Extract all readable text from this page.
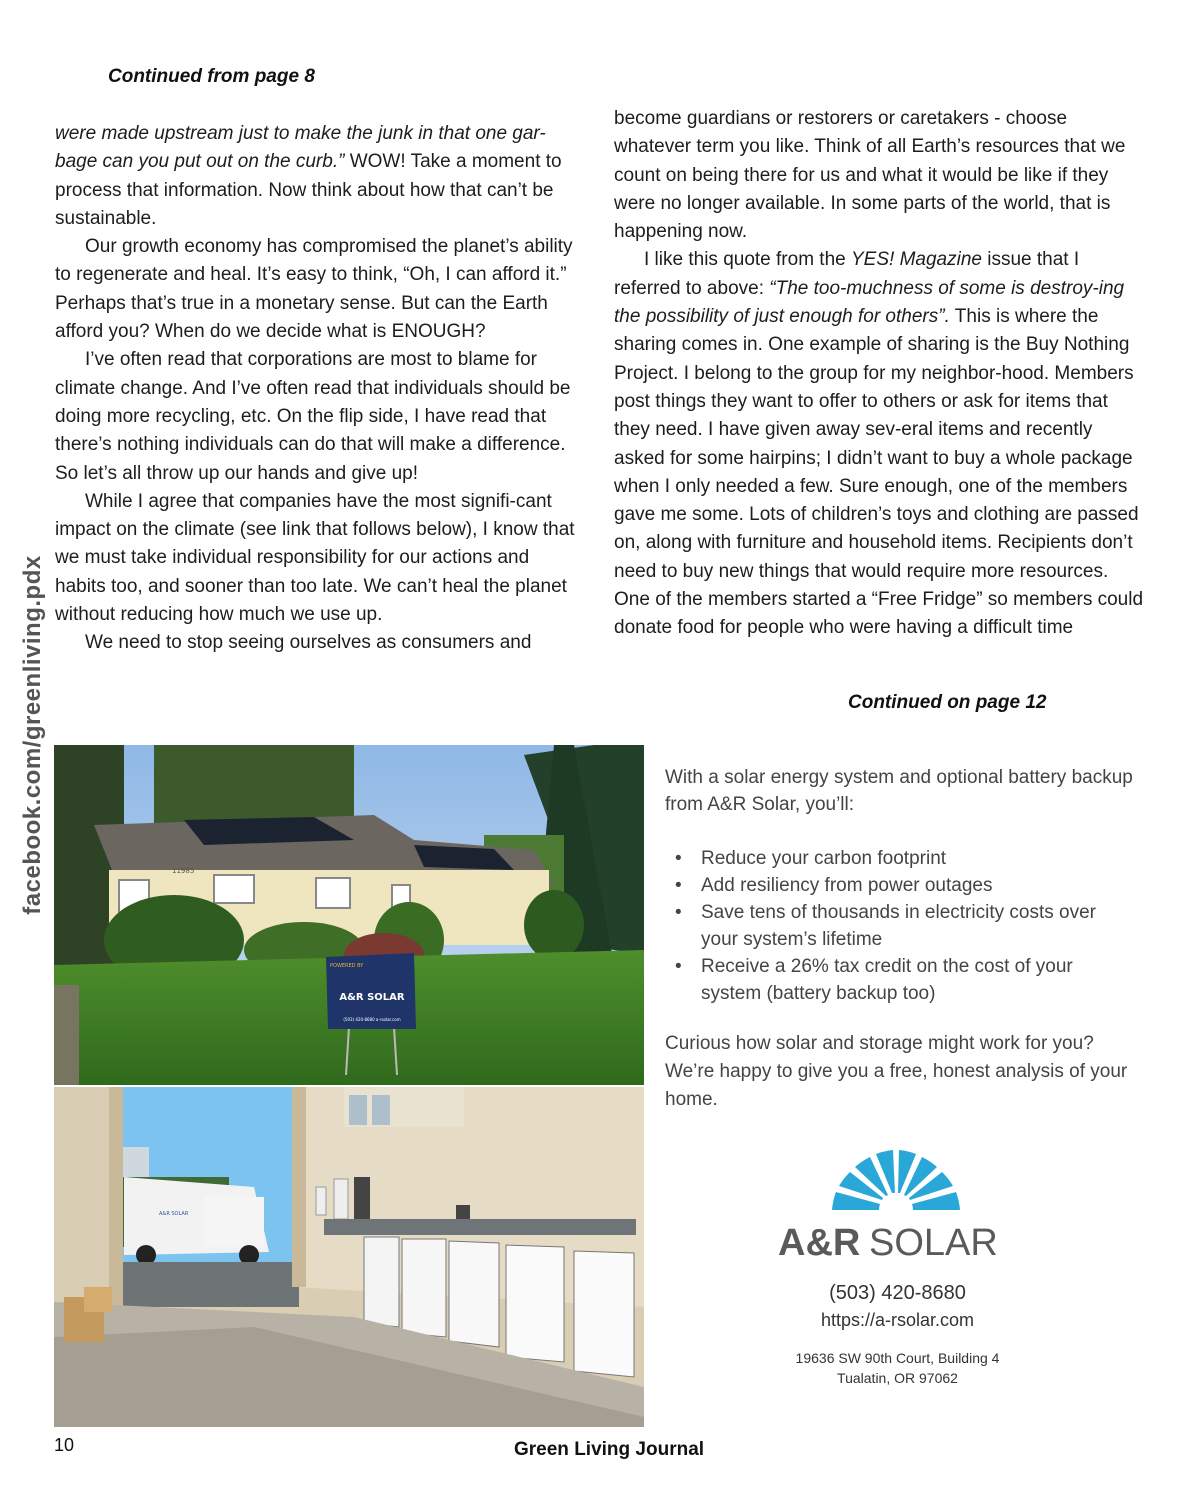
Continued from page 8

were made upstream just to make the junk in that one gar-bage can you put out on the curb.” WOW! Take a moment to process that information. Now think about how that can’t be sustainable.

Our growth economy has compromised the planet’s ability to regenerate and heal. It’s easy to think, “Oh, I can afford it.” Perhaps that’s true in a monetary sense. But can the Earth afford you? When do we decide what is ENOUGH?

I’ve often read that corporations are most to blame for climate change. And I’ve often read that individuals should be doing more recycling, etc. On the flip side, I have read that there’s nothing individuals can do that will make a difference. So let’s all throw up our hands and give up!

While I agree that companies have the most signifi-cant impact on the climate (see link that follows below), I know that we must take individual responsibility for our actions and habits too, and sooner than too late. We can’t heal the planet without reducing how much we use up.

We need to stop seeing ourselves as consumers and

become guardians or restorers or caretakers - choose whatever term you like. Think of all Earth’s resources that we count on being there for us and what it would be like if they were no longer available. In some parts of the world, that is happening now.

I like this quote from the YES! Magazine issue that I referred to above: “The too-muchness of some is destroy-ing the possibility of just enough for others”. This is where the sharing comes in. One example of sharing is the Buy Nothing Project. I belong to the group for my neighbor-hood. Members post things they want to offer to others or ask for items that they need. I have given away sev-eral items and recently asked for some hairpins; I didn’t want to buy a whole package when I only needed a few. Sure enough, one of the members gave me some. Lots of children’s toys and clothing are passed on, along with furniture and household items. Recipients don’t need to buy new things that would require more resources. One of the members started a “Free Fridge” so members could donate food for people who were having a difficult time

Continued on page 12
facebook.com/greenliving.pdx	11985
POWERED BY
A&R SOLAR
(503) 420-8680 a-rsolar.com
A&R SOLAR
With a solar energy system and optional battery backup from A&R Solar, you’ll:
• Reduce your carbon footprint
• Add resiliency from power outages
• Save tens of thousands in electricity costs over your system’s lifetime
• Receive a 26% tax credit on the cost of your system (battery backup too)
Curious how solar and storage might work for you? We’re happy to give you a free, honest analysis of your home.
A&R SOLAR
(503) 420-8680
https://a-rsolar.com
19636 SW 90th Court, Building 4
Tualatin, OR 97062
10	Green Living Journal
